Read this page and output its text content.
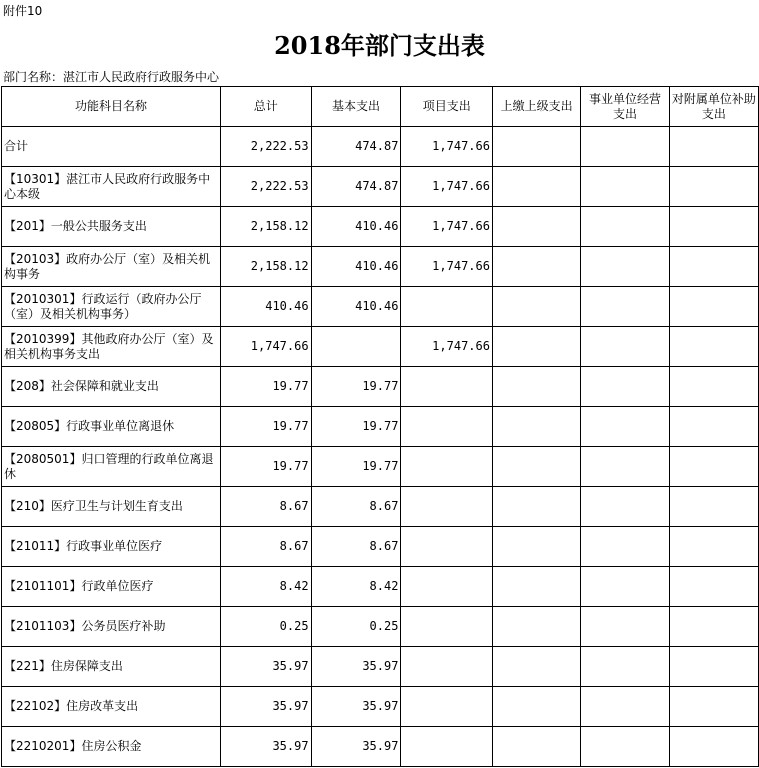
附件10
2018年部门支出表
部门名称：湛江市人民政府行政服务中心
功能科目名称	总计	基本支出	项目支出	上缴上级支出	事业单位经营支出	对附属单位补助支出

合计	2,222.53	474.87	1,747.66			

【10301】湛江市人民政府行政服务中心本级	2,222.53	474.87	1,747.66			

【201】一般公共服务支出	2,158.12	410.46	1,747.66			

【20103】政府办公厅（室）及相关机构事务	2,158.12	410.46	1,747.66			

【2010301】行政运行（政府办公厅（室）及相关机构事务）	410.46	410.46				

【2010399】其他政府办公厅（室）及相关机构事务支出	1,747.66		1,747.66			

【208】社会保障和就业支出	19.77	19.77				

【20805】行政事业单位离退休	19.77	19.77				

【2080501】归口管理的行政单位离退休	19.77	19.77				

【210】医疗卫生与计划生育支出	8.67	8.67				

【21011】行政事业单位医疗	8.67	8.67				

【2101101】行政单位医疗	8.42	8.42				

【2101103】公务员医疗补助	0.25	0.25				

【221】住房保障支出	35.97	35.97				

【22102】住房改革支出	35.97	35.97				

【2210201】住房公积金	35.97	35.97				
